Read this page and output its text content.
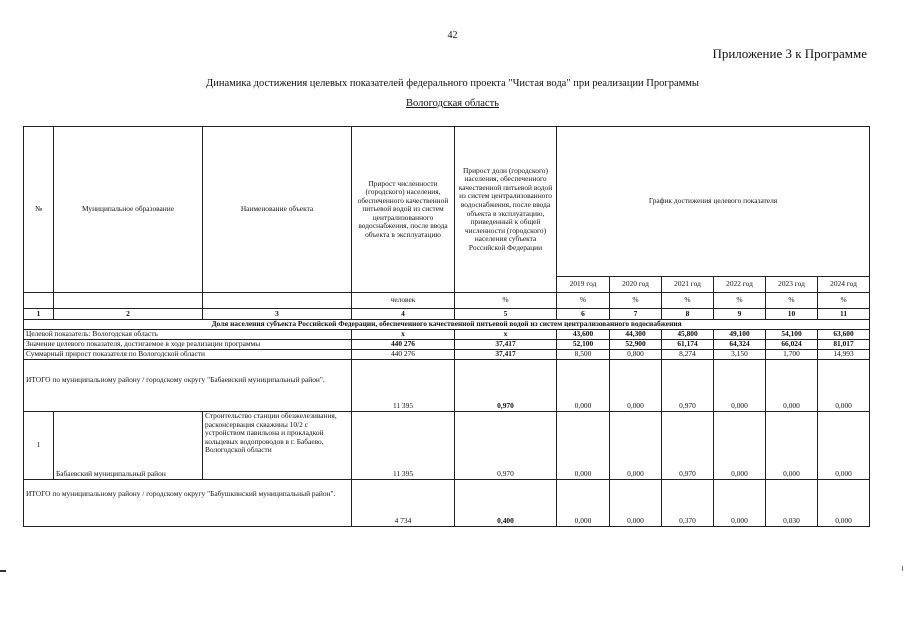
42
Приложение 3 к Программе
Динамика достижения целевых показателей федерального проекта "Чистая вода" при реализации Программы
Вологодская область
№	Муниципальное образование	Наименование объекта	Прирост численности (городского) населения, обеспеченного качественной питьевой водой из систем централизованного водоснабжения, после ввода объекта в эксплуатацию	Прирост доли (городского) населения, обеспеченного качественной питьевой водой из систем централизованного водоснабжения, после ввода объекта в эксплуатацию, приведенный к общей численности (городского) населения субъекта Российской Федерации	График достижения целевого показателя					
					2019 год	2020 год	2021 год	2022 год	2023 год	2024 год
			человек	%	%	%	%	%	%	%
1	2	3	4	5	6	7	8	9	10	11
Доля населения субъекта Российской Федерации, обеспеченного качественной питьевой водой из систем централизованного водоснабжения										
Целевой показатель: Вологодская область			x	x	43,600	44,300	45,800	49,100	54,100	63,600
Значение целевого показателя, достигаемое в ходе реализации программы			440 276	37,417	52,100	52,900	61,174	64,324	66,024	81,017
Суммарный прирост показателя по Вологодской области			440 276	37,417	8,500	0,800	8,274	3,150	1,700	14,993
ИТОГО по муниципальному району / городскому округу "Бабаевский муниципальный район".			11 395	0,970	0,000	0,000	0,970	0,000	0,000	0,000
1	Бабаевский муниципальный район	Строительство станции обезжелезивания, расконсервация скважины 10/2 с устройством павильона и прокладкой кольцевых водопроводов в г. Бабаево, Вологодской области	11 395	0,970	0,000	0,000	0,970	0,000	0,000	0,000
ИТОГО по муниципальному району / городскому округу "Бабушкинский муниципальный район".			4 734	0,400	0,000	0,000	0,370	0,000	0,030	0,000
